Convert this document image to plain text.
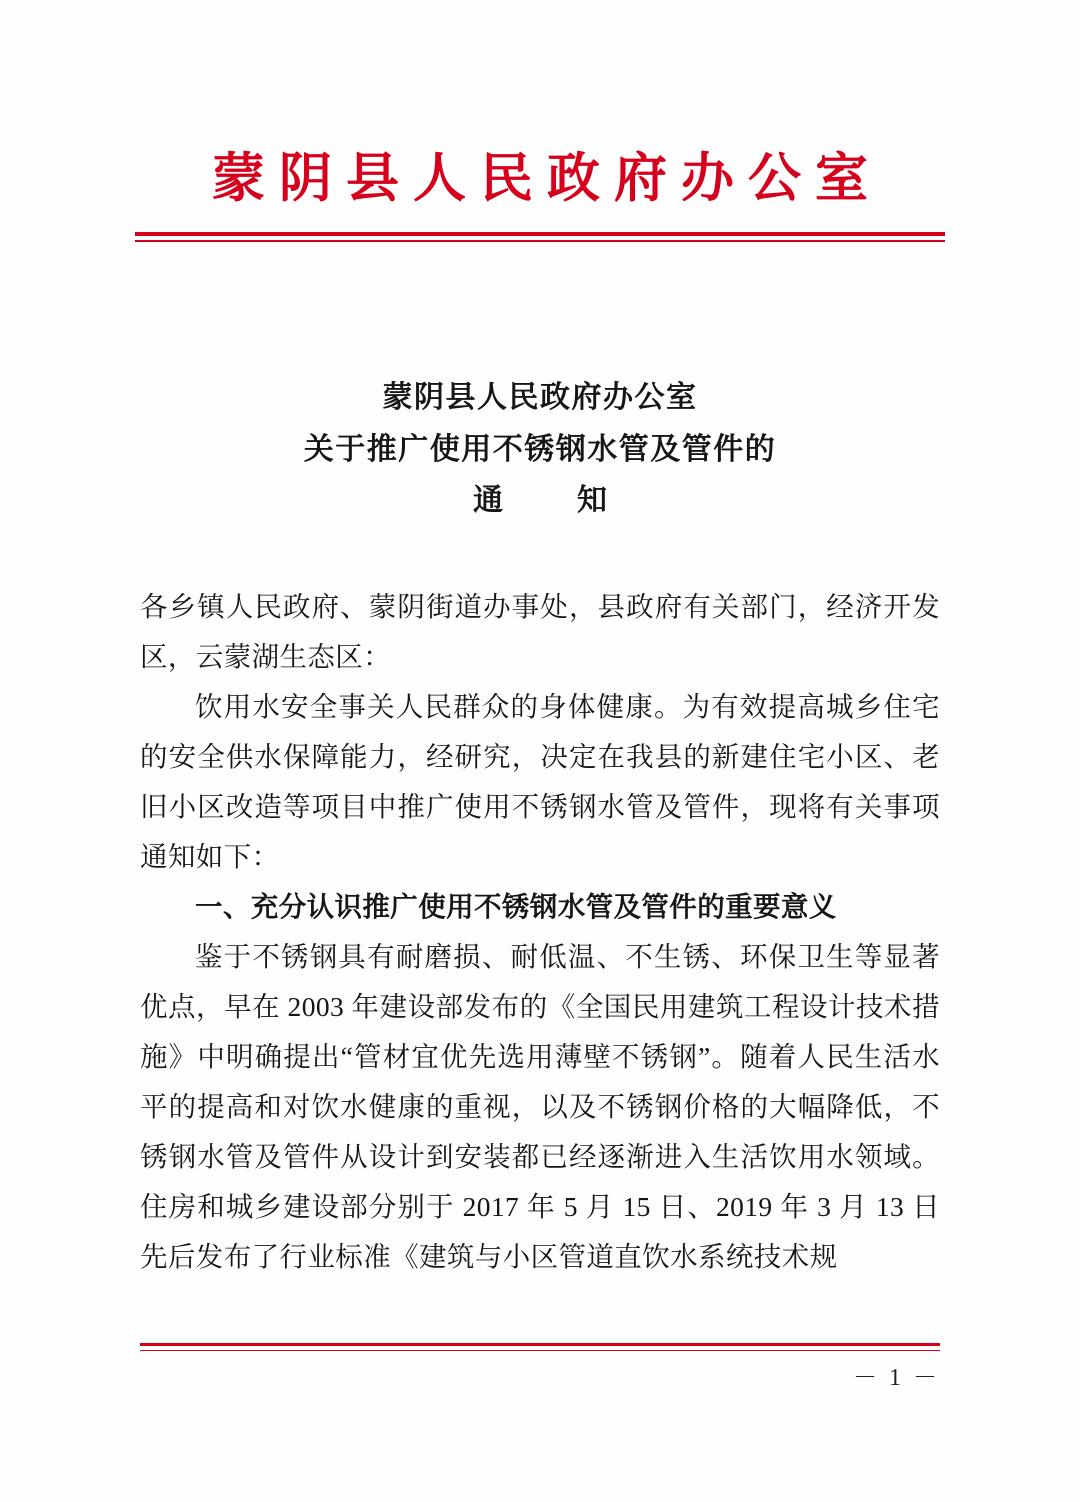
蒙阴县人民政府办公室
蒙阴县人民政府办公室
关于推广使用不锈钢水管及管件的
通　知

各乡镇人民政府、蒙阴街道办事处，县政府有关部门，经济开发区，云蒙湖生态区：

饮用水安全事关人民群众的身体健康。为有效提高城乡住宅的安全供水保障能力，经研究，决定在我县的新建住宅小区、老旧小区改造等项目中推广使用不锈钢水管及管件，现将有关事项通知如下：

一、充分认识推广使用不锈钢水管及管件的重要意义

鉴于不锈钢具有耐磨损、耐低温、不生锈、环保卫生等显著优点，早在 2003 年建设部发布的《全国民用建筑工程设计技术措施》中明确提出“管材宜优先选用薄壁不锈钢”。随着人民生活水平的提高和对饮水健康的重视，以及不锈钢价格的大幅降低，不锈钢水管及管件从设计到安装都已经逐渐进入生活饮用水领域。住房和城乡建设部分别于 2017 年 5 月 15 日、2019 年 3 月 13 日先后发布了行业标准《建筑与小区管道直饮水系统技术规

－ 1 －
